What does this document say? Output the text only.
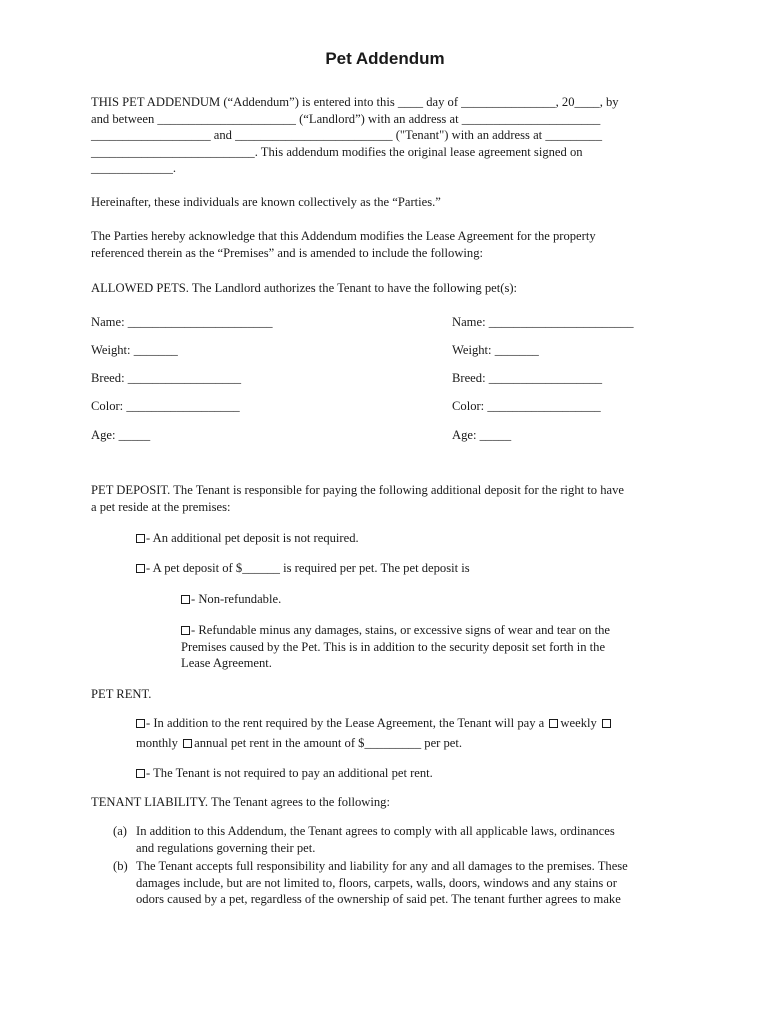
Pet Addendum
THIS PET ADDENDUM (“Addendum”) is entered into this ____ day of _______________, 20____, by
and between ______________________ (“Landlord”) with an address at ______________________
___________________ and _________________________ ("Tenant") with an address at _________
__________________________. This addendum modifies the original lease agreement signed on
_____________.
Hereinafter, these individuals are known collectively as the “Parties.”
The Parties hereby acknowledge that this Addendum modifies the Lease Agreement for the property
referenced therein as the “Premises” and is amended to include the following:
ALLOWED PETS. The Landlord authorizes the Tenant to have the following pet(s):
Name: _______________________
Weight: _______
Breed: __________________
Color: __________________
Age: _____
Name: _______________________
Weight: _______
Breed: __________________
Color: __________________
Age: _____
PET DEPOSIT. The Tenant is responsible for paying the following additional deposit for the right to have
a pet reside at the premises:
- An additional pet deposit is not required.
- A pet deposit of $______ is required per pet. The pet deposit is
- Non-refundable.
- Refundable minus any damages, stains, or excessive signs of wear and tear on the
Premises caused by the Pet. This is in addition to the security deposit set forth in the
Lease Agreement.
PET RENT.
- In addition to the rent required by the Lease Agreement, the Tenant will pay a weekly
monthly annual pet rent in the amount of $_________ per pet.
- The Tenant is not required to pay an additional pet rent.
TENANT LIABILITY. The Tenant agrees to the following:
(a) In addition to this Addendum, the Tenant agrees to comply with all applicable laws, ordinances
and regulations governing their pet.
(b) The Tenant accepts full responsibility and liability for any and all damages to the premises. These
damages include, but are not limited to, floors, carpets, walls, doors, windows and any stains or
odors caused by a pet, regardless of the ownership of said pet. The tenant further agrees to make
